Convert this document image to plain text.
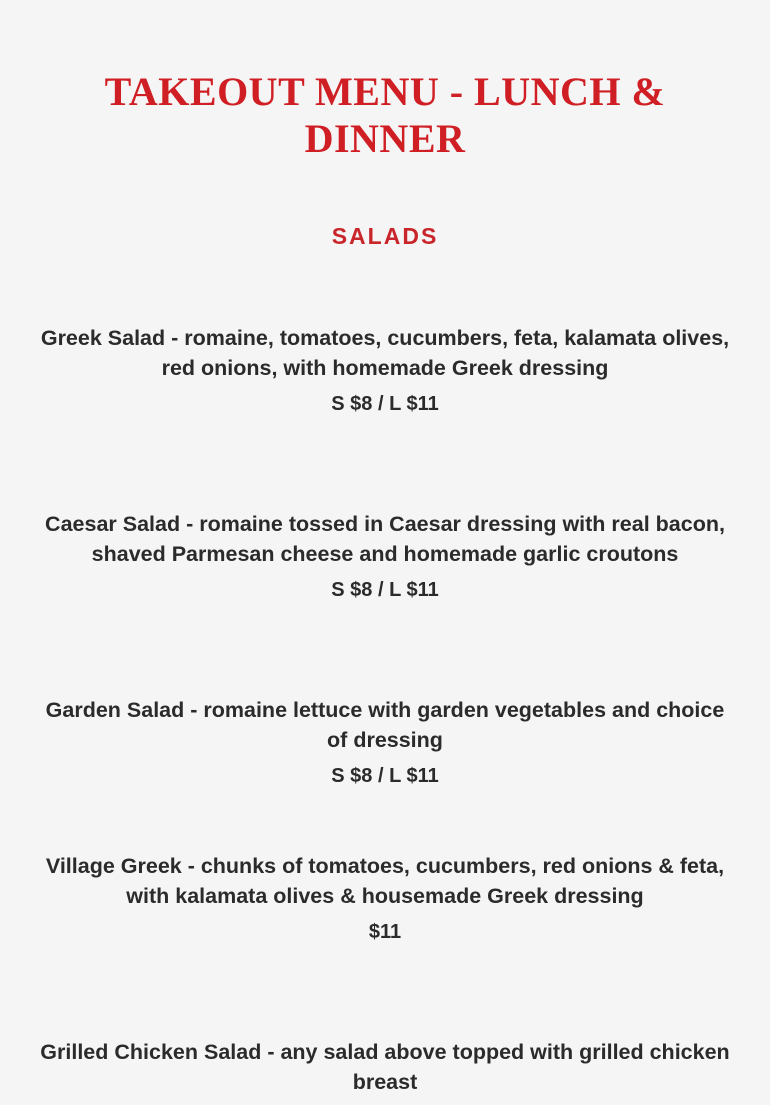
TAKEOUT MENU - LUNCH & DINNER
SALADS

Greek Salad - romaine, tomatoes, cucumbers, feta, kalamata olives, red onions, with homemade Greek dressing

S $8 / L $11

Caesar Salad - romaine tossed in Caesar dressing with real bacon, shaved Parmesan cheese and homemade garlic croutons

S $8 / L $11

Garden Salad - romaine lettuce with garden vegetables and choice of dressing

S $8 / L $11

Village Greek - chunks of tomatoes, cucumbers, red onions & feta, with kalamata olives & housemade Greek dressing

$11

Grilled Chicken Salad - any salad above topped with grilled chicken breast
